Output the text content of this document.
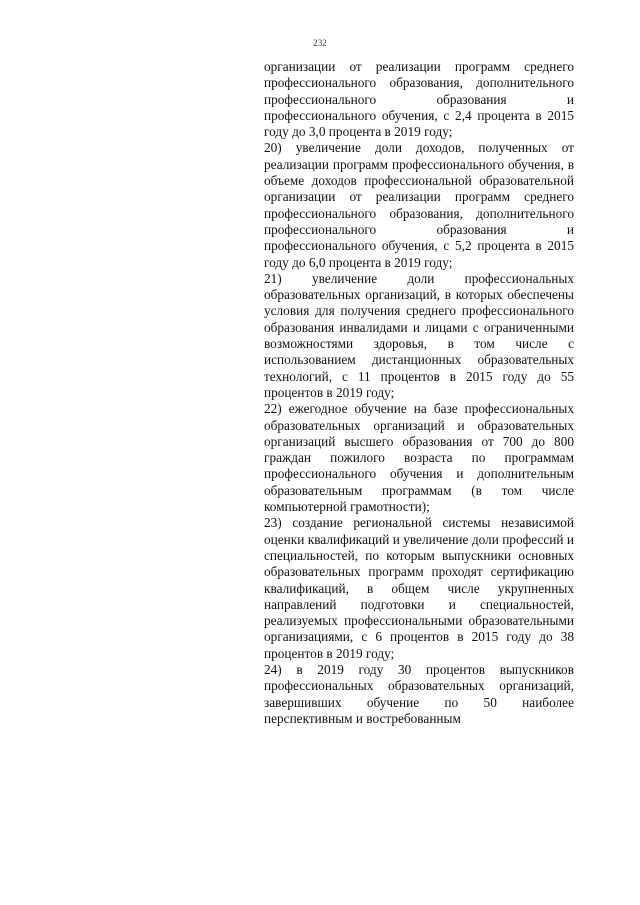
232

организации от реализации программ среднего профессионального образования, дополнительного профессионального образования и профессионального обучения, с 2,4 процента в 2015 году до 3,0 процента в 2019 году;

20) увеличение доли доходов, полученных от реализации программ профессионального обучения, в объеме доходов профессиональной образовательной организации от реализации программ среднего профессионального образования, дополнительного профессионального образования и профессионального обучения, с 5,2 процента в 2015 году до 6,0 процента в 2019 году;

21) увеличение доли профессиональных образовательных организаций, в которых обеспечены условия для получения среднего профессионального образования инвалидами и лицами с ограниченными возможностями здоровья, в том числе с использованием дистанционных образовательных технологий, с 11 процентов в 2015 году до 55 процентов в 2019 году;

22) ежегодное обучение на базе профессиональных образовательных организаций и образовательных организаций высшего образования от 700 до 800 граждан пожилого возраста по программам профессионального обучения и дополнительным образовательным программам (в том числе компьютерной грамотности);

23) создание региональной системы независимой оценки квалификаций и увеличение доли профессий и специальностей, по которым выпускники основных образовательных программ проходят сертификацию квалификаций, в общем числе укрупненных направлений подготовки и специальностей, реализуемых профессиональными образовательными организациями, с 6 процентов в 2015 году до 38 процентов в 2019 году;

24) в 2019 году 30 процентов выпускников профессиональных образовательных организаций, завершивших обучение по 50 наиболее перспективным и востребованным
